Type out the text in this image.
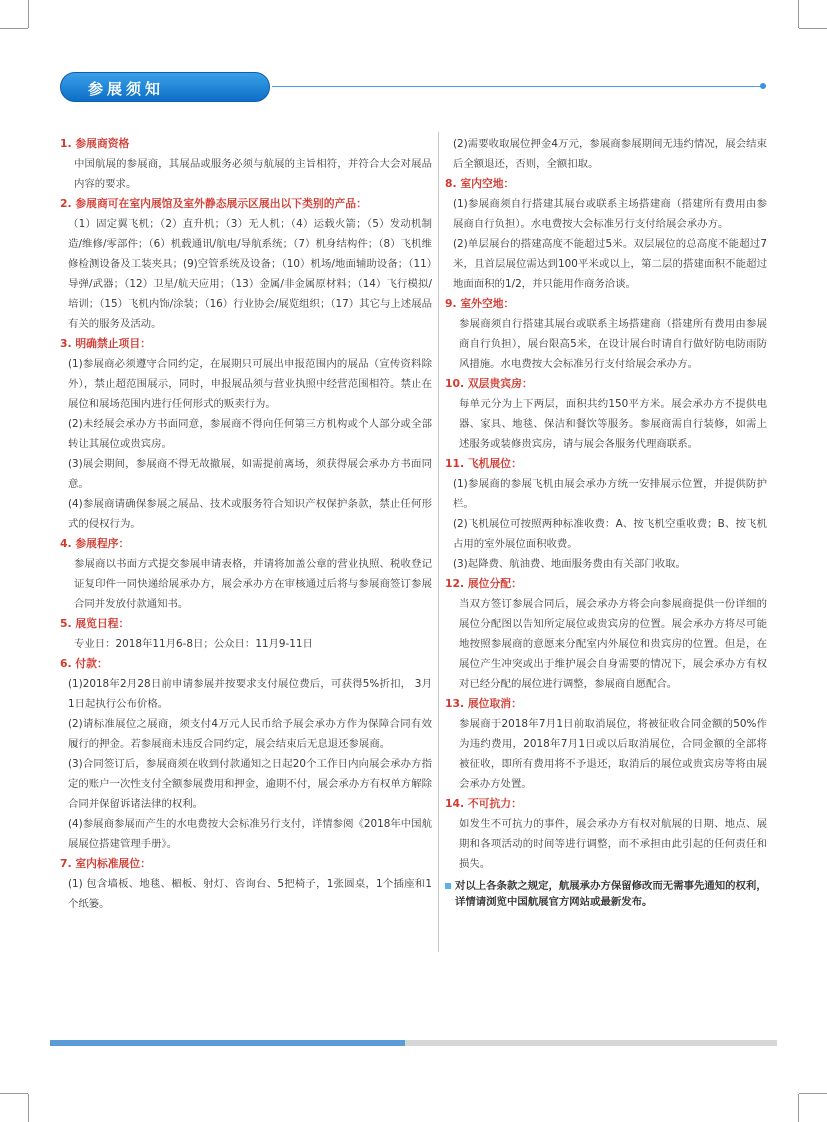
参展须知
1. 参展商资格
中国航展的参展商，其展品或服务必须与航展的主旨相符，并符合大会对展品内容的要求。
2. 参展商可在室内展馆及室外静态展示区展出以下类别的产品：
（1）固定翼飞机；（2）直升机；（3）无人机；（4）运载火箭；（5）发动机制造/维修/零部件；（6）机载通讯/航电/导航系统；（7）机身结构件；（8）飞机维修检测设备及工装夹具；(9)空管系统及设备；（10）机场/地面辅助设备；（11）导弹/武器；（12）卫星/航天应用；（13）金属/非金属原材料；（14）飞行模拟/培训；（15）飞机内饰/涂装；（16）行业协会/展览组织；（17）其它与上述展品有关的服务及活动。
3. 明确禁止项目：
(1)参展商必须遵守合同约定，在展期只可展出申报范围内的展品（宣传资料除外），禁止超范围展示，同时，申报展品须与营业执照中经营范围相符。禁止在展位和展场范围内进行任何形式的贩卖行为。
(2)未经展会承办方书面同意，参展商不得向任何第三方机构或个人部分或全部转让其展位或贵宾房。
(3)展会期间，参展商不得无故撤展，如需提前离场，须获得展会承办方书面同意。
(4)参展商请确保参展之展品、技术或服务符合知识产权保护条款，禁止任何形式的侵权行为。
4. 参展程序：
参展商以书面方式提交参展申请表格，并请将加盖公章的营业执照、税收登记证复印件一同快递给展承办方，展会承办方在审核通过后将与参展商签订参展合同并发放付款通知书。
5. 展览日程：
专业日：2018年11月6-8日；公众日：11月9-11日
6. 付款：
(1)2018年2月28日前申请参展并按要求支付展位费后，可获得5%折扣， 3月1日起执行公布价格。
(2)请标准展位之展商，须支付4万元人民币给予展会承办方作为保障合同有效履行的押金。若参展商未违反合同约定，展会结束后无息退还参展商。
(3)合同签订后，参展商须在收到付款通知之日起20个工作日内向展会承办方指定的账户一次性支付全额参展费用和押金，逾期不付，展会承办方有权单方解除合同并保留诉诸法律的权利。
(4)参展商参展而产生的水电费按大会标准另行支付，详情参阅《2018年中国航展展位搭建管理手册》。
7. 室内标准展位：
(1) 包含墙板、地毯、楣板、射灯、咨询台、5把椅子，1张圆桌，1个插座和1个纸篓。
(2)需要收取展位押金4万元，参展商参展期间无违约情况，展会结束后全额退还，否则，全额扣取。
8. 室内空地：
(1)参展商须自行搭建其展台或联系主场搭建商（搭建所有费用由参展商自行负担）。水电费按大会标准另行支付给展会承办方。
(2)单层展台的搭建高度不能超过5米。双层展位的总高度不能超过7米，且首层展位需达到100平米或以上，第二层的搭建面积不能超过地面面积的1/2，并只能用作商务洽谈。
9. 室外空地：
参展商须自行搭建其展台或联系主场搭建商（搭建所有费用由参展商自行负担），展台限高5米，在设计展台时请自行做好防电防雨防风措施。水电费按大会标准另行支付给展会承办方。
10. 双层贵宾房：
每单元分为上下两层，面积共约150平方米。展会承办方不提供电器、家具、地毯、保洁和餐饮等服务。参展商需自行装修，如需上述服务或装修贵宾房，请与展会各服务代理商联系。
11. 飞机展位：
(1)参展商的参展飞机由展会承办方统一安排展示位置，并提供防护栏。
(2)飞机展位可按照两种标准收费：A、按飞机空重收费；B、按飞机占用的室外展位面积收费。
(3)起降费、航油费、地面服务费由有关部门收取。
12. 展位分配：
当双方签订参展合同后，展会承办方将会向参展商提供一份详细的展位分配图以告知所定展位或贵宾房的位置。展会承办方将尽可能地按照参展商的意愿来分配室内外展位和贵宾房的位置。但是，在展位产生冲突或出于维护展会自身需要的情况下，展会承办方有权对已经分配的展位进行调整，参展商自愿配合。
13. 展位取消：
参展商于2018年7月1日前取消展位，将被征收合同金额的50%作为违约费用，2018年7月1日或以后取消展位，合同金额的全部将被征收，即所有费用将不予退还，取消后的展位或贵宾房等将由展会承办方处置。
14. 不可抗力：
如发生不可抗力的事件，展会承办方有权对航展的日期、地点、展期和各项活动的时间等进行调整，而不承担由此引起的任何责任和损失。
对以上各条款之规定，航展承办方保留修改而无需事先通知的权利，详情请浏览中国航展官方网站或最新发布。
